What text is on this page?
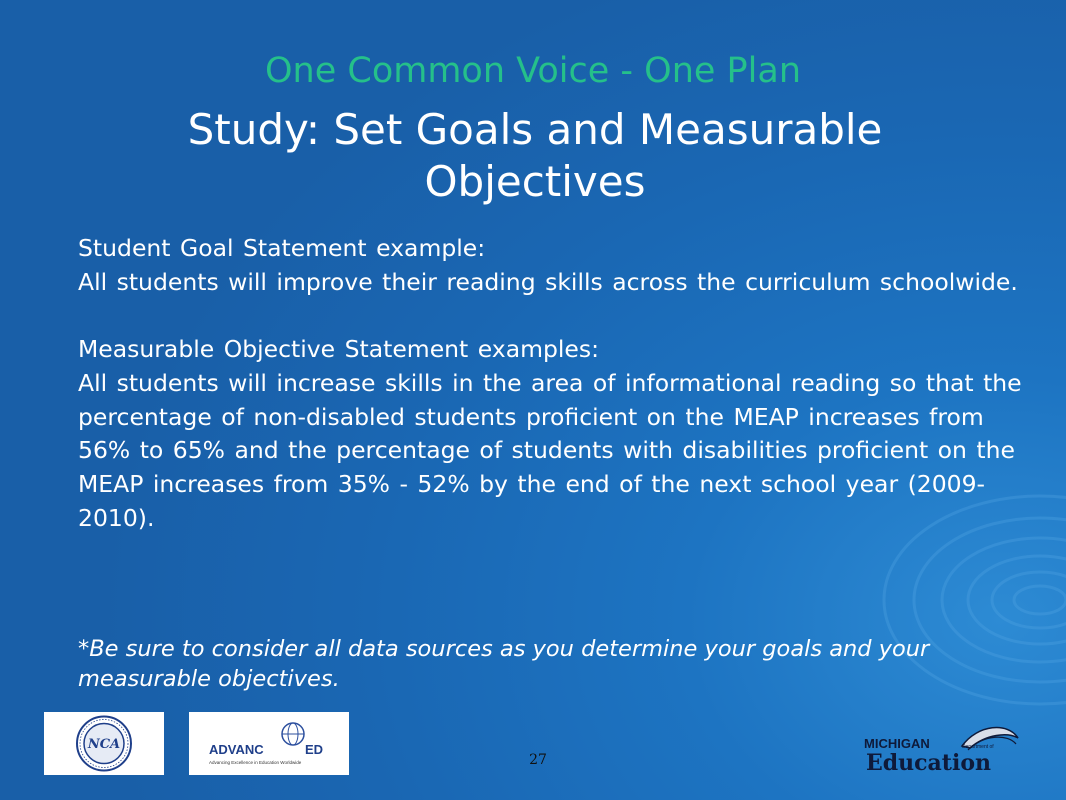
One Common Voice - One Plan
Study: Set Goals and Measurable Objectives

Student Goal Statement example:

All students will improve their reading skills across the curriculum schoolwide.

Measurable Objective Statement examples:

All students will increase skills in the area of informational reading so that the percentage of non-disabled students proficient on the MEAP increases from 56% to 65% and the percentage of students with disabilities proficient on the MEAP increases from 35% - 52% by the end of the next school year (2009-2010).

*Be sure to consider all data sources as you determine your goals and your measurable objectives.
NCA	ADVANC	ED
Advancing Excellence in Education Worldwide	27
MICHIGAN	Department of
Education
